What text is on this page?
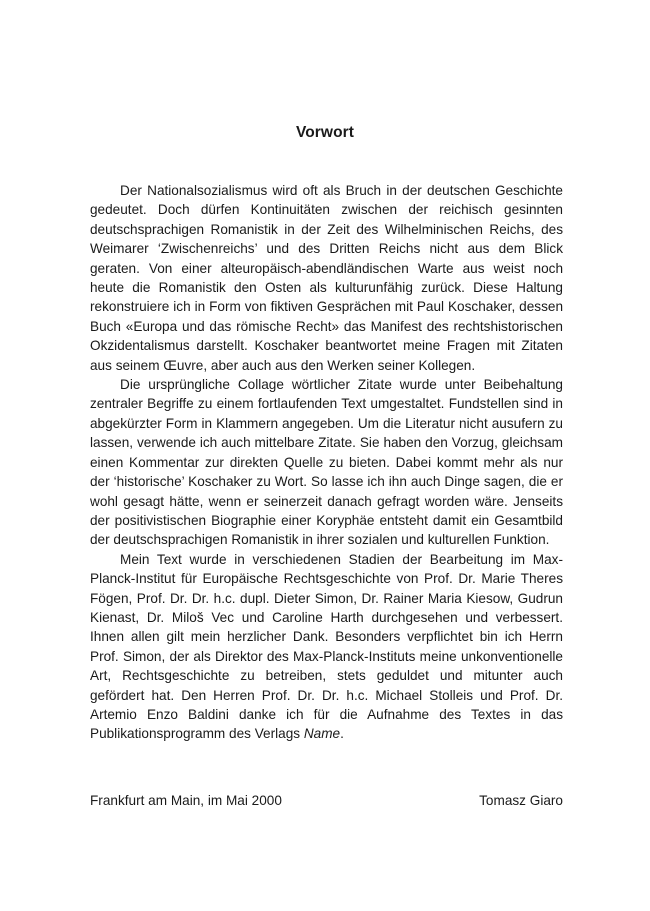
Vorwort

Der Nationalsozialismus wird oft als Bruch in der deutschen Geschichte gedeutet. Doch dürfen Kontinuitäten zwischen der reichisch gesinnten deutschsprachigen Romanistik in der Zeit des Wilhelminischen Reichs, des Weimarer ‘Zwischenreichs’ und des Dritten Reichs nicht aus dem Blick geraten. Von einer alteuropäisch-abendländischen Warte aus weist noch heute die Romanistik den Osten als kulturunfähig zurück. Diese Haltung rekonstruiere ich in Form von fiktiven Gesprächen mit Paul Koschaker, dessen Buch «Europa und das römische Recht» das Manifest des rechtshistorischen Okzidentalismus darstellt. Koschaker beantwortet meine Fragen mit Zitaten aus seinem Œuvre, aber auch aus den Werken seiner Kollegen.

Die ursprüngliche Collage wörtlicher Zitate wurde unter Beibehaltung zentraler Begriffe zu einem fortlaufenden Text umgestaltet. Fundstellen sind in abgekürzter Form in Klammern angegeben. Um die Literatur nicht ausufern zu lassen, verwende ich auch mittelbare Zitate. Sie haben den Vorzug, gleichsam einen Kommentar zur direkten Quelle zu bieten. Dabei kommt mehr als nur der ‘historische’ Koschaker zu Wort. So lasse ich ihn auch Dinge sagen, die er wohl gesagt hätte, wenn er seinerzeit danach gefragt worden wäre. Jenseits der positivistischen Biographie einer Koryphäe entsteht damit ein Gesamtbild der deutschsprachigen Romanistik in ihrer sozialen und kulturellen Funktion.

Mein Text wurde in verschiedenen Stadien der Bearbeitung im Max-Planck-Institut für Europäische Rechtsgeschichte von Prof. Dr. Marie Theres Fögen, Prof. Dr. Dr. h.c. dupl. Dieter Simon, Dr. Rainer Maria Kiesow, Gudrun Kienast, Dr. Miloš Vec und Caroline Harth durchgesehen und verbessert. Ihnen allen gilt mein herzlicher Dank. Besonders verpflichtet bin ich Herrn Prof. Simon, der als Direktor des Max-Planck-Instituts meine unkonventionelle Art, Rechtsgeschichte zu betreiben, stets geduldet und mitunter auch gefördert hat. Den Herren Prof. Dr. Dr. h.c. Michael Stolleis und Prof. Dr. Artemio Enzo Baldini danke ich für die Aufnahme des Textes in das Publikationsprogramm des Verlags Name.

Frankfurt am Main, im Mai 2000	Tomasz Giaro
